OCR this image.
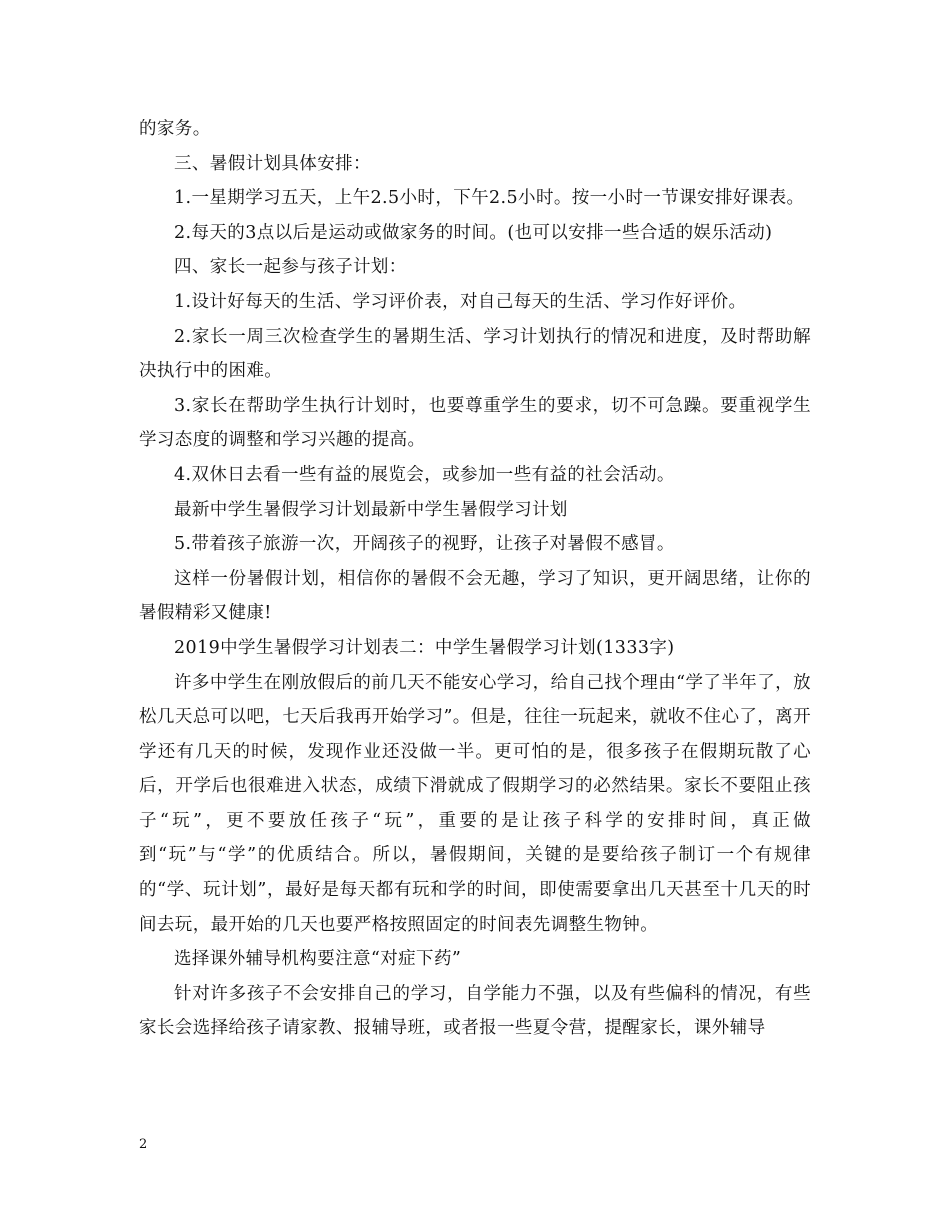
的家务。

三、暑假计划具体安排：

1.一星期学习五天，上午2.5小时，下午2.5小时。按一小时一节课安排好课表。

2.每天的3点以后是运动或做家务的时间。(也可以安排一些合适的娱乐活动)

四、家长一起参与孩子计划：

1.设计好每天的生活、学习评价表，对自己每天的生活、学习作好评价。

2.家长一周三次检查学生的暑期生活、学习计划执行的情况和进度，及时帮助解决执行中的困难。

3.家长在帮助学生执行计划时，也要尊重学生的要求，切不可急躁。要重视学生学习态度的调整和学习兴趣的提高。

4.双休日去看一些有益的展览会，或参加一些有益的社会活动。

最新中学生暑假学习计划最新中学生暑假学习计划

5.带着孩子旅游一次，开阔孩子的视野，让孩子对暑假不感冒。

这样一份暑假计划，相信你的暑假不会无趣，学习了知识，更开阔思绪，让你的暑假精彩又健康!

2019中学生暑假学习计划表二：中学生暑假学习计划(1333字)

许多中学生在刚放假后的前几天不能安心学习，给自己找个理由“学了半年了，放松几天总可以吧，七天后我再开始学习”。但是，往往一玩起来，就收不住心了，离开学还有几天的时候，发现作业还没做一半。更可怕的是，很多孩子在假期玩散了心后，开学后也很难进入状态，成绩下滑就成了假期学习的必然结果。家长不要阻止孩子“玩”，更不要放任孩子“玩”，重要的是让孩子科学的安排时间，真正做到“玩”与“学”的优质结合。所以，暑假期间，关键的是要给孩子制订一个有规律的“学、玩计划”，最好是每天都有玩和学的时间，即使需要拿出几天甚至十几天的时间去玩，最开始的几天也要严格按照固定的时间表先调整生物钟。

选择课外辅导机构要注意“对症下药”

针对许多孩子不会安排自己的学习，自学能力不强，以及有些偏科的情况，有些家长会选择给孩子请家教、报辅导班，或者报一些夏令营，提醒家长，课外辅导

2
